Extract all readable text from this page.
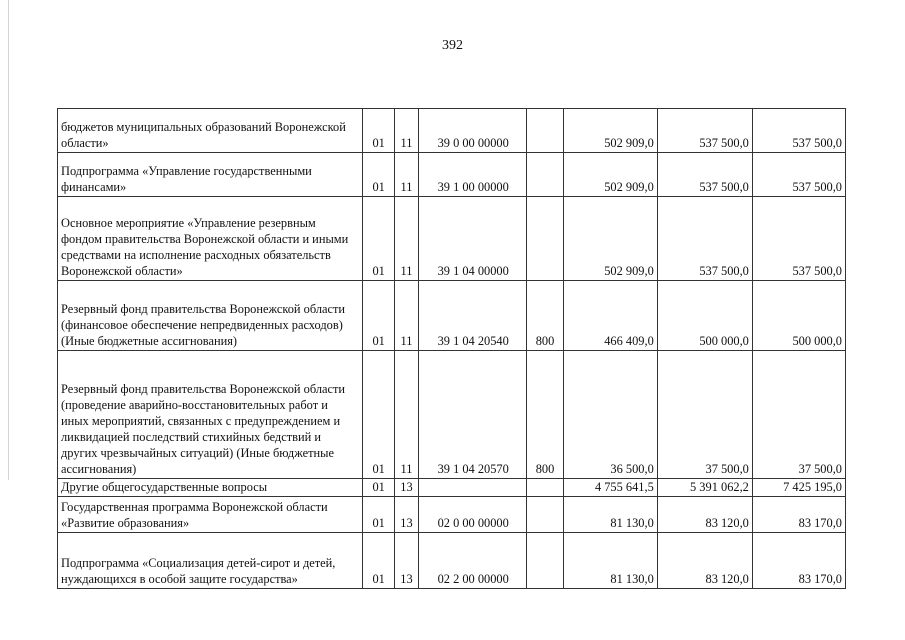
392
бюджетов муниципальных образований Воронежской области»	01	11	39 0 00 00000		502 909,0	537 500,0	537 500,0
Подпрограмма «Управление государственными финансами»	01	11	39 1 00 00000		502 909,0	537 500,0	537 500,0
Основное мероприятие «Управление резервным фондом правительства Воронежской области и иными средствами на исполнение расходных обязательств Воронежской области»	01	11	39 1 04 00000		502 909,0	537 500,0	537 500,0
Резервный фонд правительства Воронежской области (финансовое обеспечение непредвиденных расходов) (Иные бюджетные ассигнования)	01	11	39 1 04 20540	800	466 409,0	500 000,0	500 000,0
Резервный фонд правительства Воронежской области (проведение аварийно-восстановительных работ и иных мероприятий, связанных с предупреждением и ликвидацией последствий стихийных бедствий и других чрезвычайных ситуаций) (Иные бюджетные ассигнования)	01	11	39 1 04 20570	800	36 500,0	37 500,0	37 500,0
Другие общегосударственные вопросы	01	13			4 755 641,5	5 391 062,2	7 425 195,0
Государственная программа Воронежской области «Развитие образования»	01	13	02 0 00 00000		81 130,0	83 120,0	83 170,0
Подпрограмма «Социализация детей-сирот и детей, нуждающихся в особой защите государства»	01	13	02 2 00 00000		81 130,0	83 120,0	83 170,0
